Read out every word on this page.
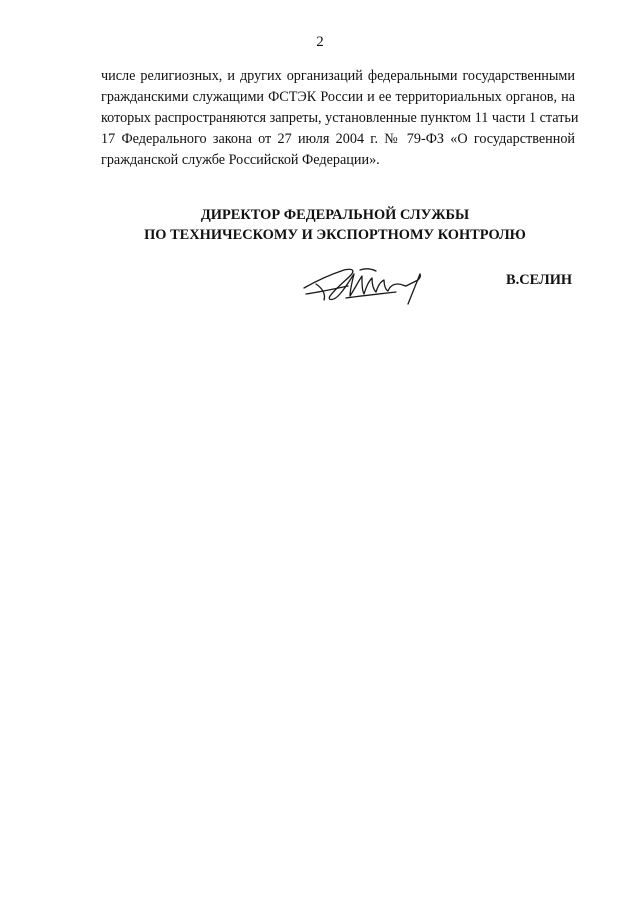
2
числе религиозных, и других организаций федеральными государственными
гражданскими служащими ФСТЭК России и ее территориальных органов, на
которых распространяются запреты, установленные пунктом 11 части 1 статьи
17 Федерального закона от 27 июля 2004 г. № 79-ФЗ «О государственной
гражданской службе Российской Федерации».
ДИРЕКТОР ФЕДЕРАЛЬНОЙ СЛУЖБЫ
ПО ТЕХНИЧЕСКОМУ И ЭКСПОРТНОМУ КОНТРОЛЮ
В.СЕЛИН
